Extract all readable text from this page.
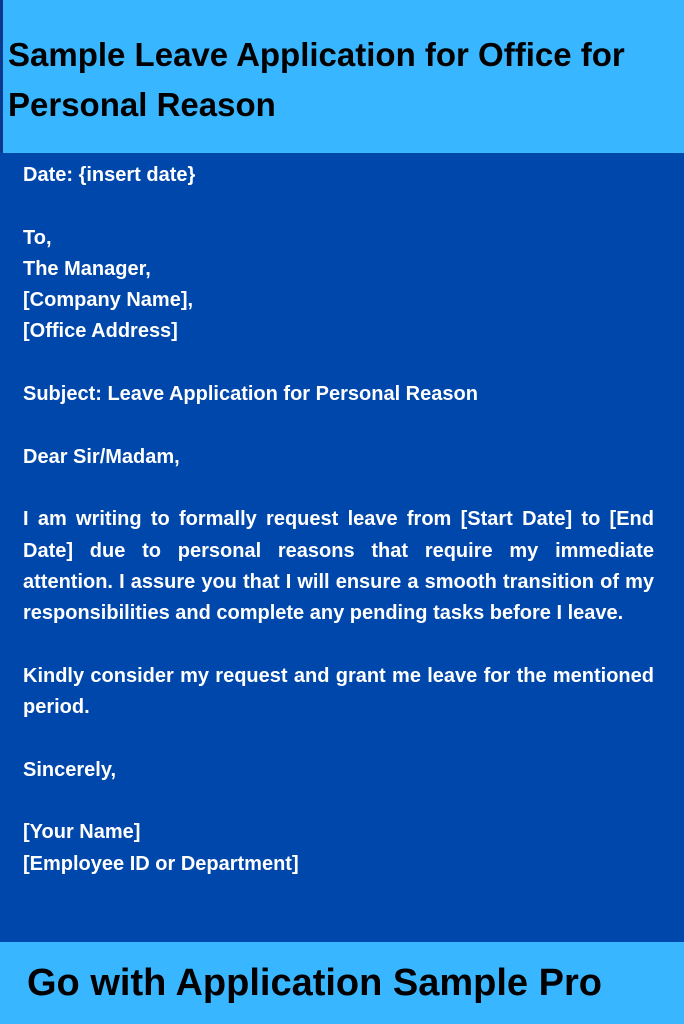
Sample Leave Application for Office for Personal Reason

Date: {insert date}

To,

The Manager,

[Company Name],

[Office Address]

Subject: Leave Application for Personal Reason

Dear Sir/Madam,

I am writing to formally request leave from [Start Date] to [End Date] due to personal reasons that require my immediate attention. I assure you that I will ensure a smooth transition of my responsibilities and complete any pending tasks before I leave.

Kindly consider my request and grant me leave for the mentioned period.

Sincerely,

[Your Name]

[Employee ID or Department]

Go with Application Sample Pro
